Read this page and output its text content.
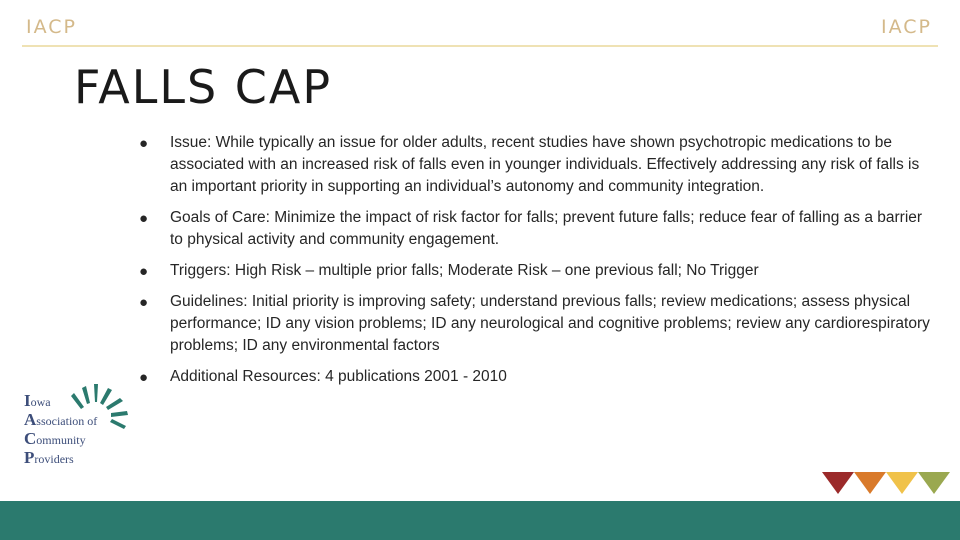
IACP	IACP
FALLS CAP
● Issue: While typically an issue for older adults, recent studies have shown psychotropic medications to be associated with an increased risk of falls even in younger individuals. Effectively addressing any risk of falls is an important priority in supporting an individual’s autonomy and community integration.
● Goals of Care: Minimize the impact of risk factor for falls; prevent future falls; reduce fear of falling as a barrier to physical activity and community engagement.
● Triggers: High Risk – multiple prior falls; Moderate Risk – one previous fall; No Trigger
● Guidelines: Initial priority is improving safety; understand previous falls; review medications; assess physical performance; ID any vision problems; ID any neurological and cognitive problems; review any cardiorespiratory problems; ID any environmental factors
● Additional Resources: 4 publications 2001 - 2010
Iowa
Association of
Community
Providers
